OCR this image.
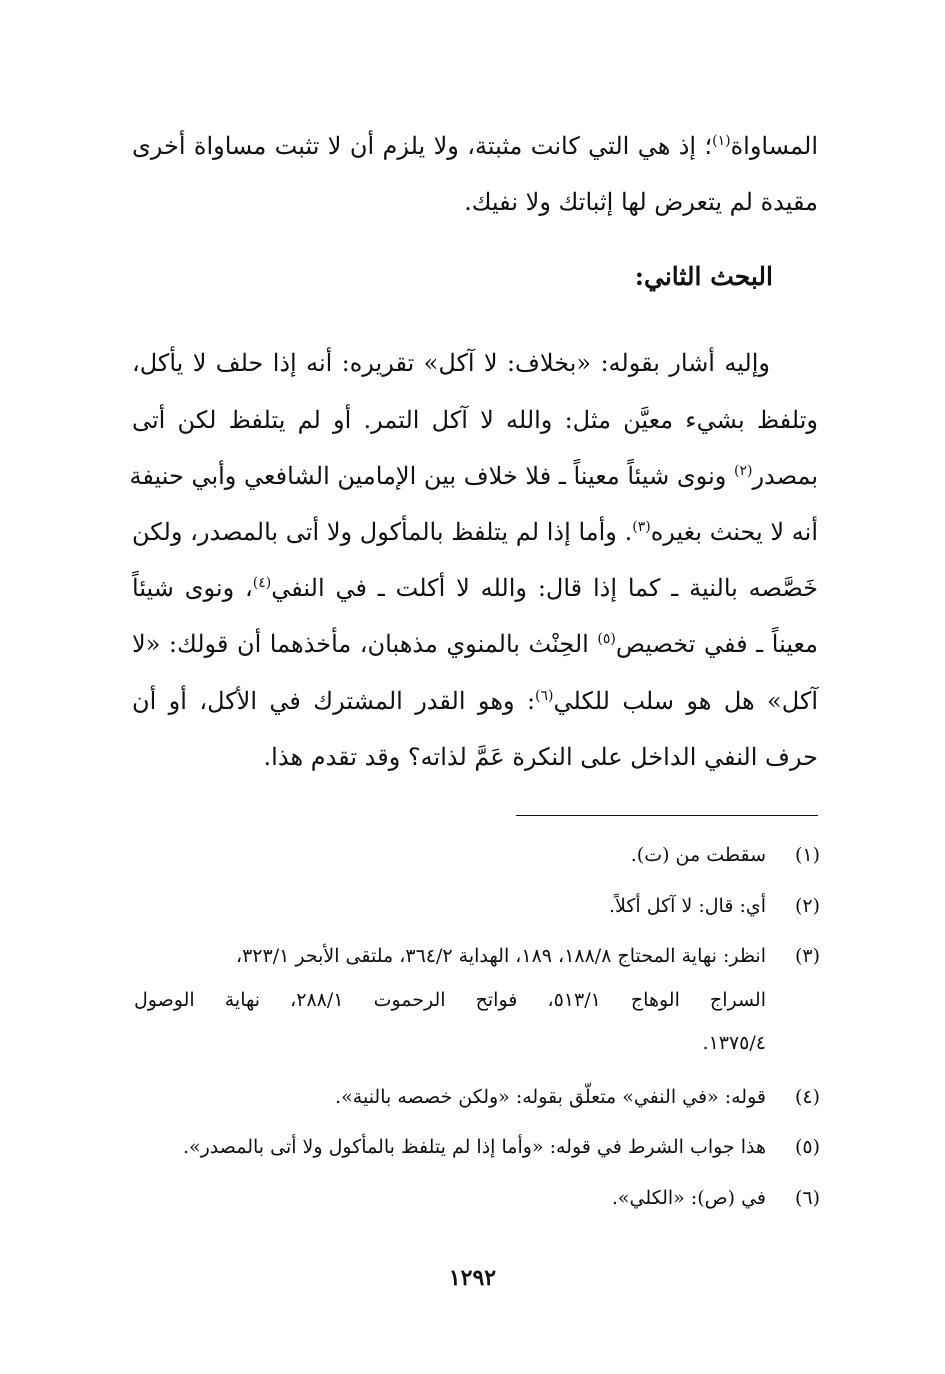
المساواة$^{(١)}$؛ إذ هي التي كانت مثبتة، ولا يلزم أن لا تثبت مساواة أخرى
مقيدة لم يتعرض لها إثباتك ولا نفيك.
البحث الثاني:
وإليه أشار بقوله: «بخلاف: لا آكل» تقريره: أنه إذا حلف لا يأكل،
وتلفظ بشيء معيَّن مثل: والله لا آكل التمر. أو لم يتلفظ لكن أتى
بمصدر$^{(٢)}$ ونوى شيئاً معيناً ـ فلا خلاف بين الإمامين الشافعي وأبي حنيفة
أنه لا يحنث بغيره$^{(٣)}$. وأما إذا لم يتلفظ بالمأكول ولا أتى بالمصدر، ولكن
خَصَّصه بالنية ـ كما إذا قال: والله لا أكلت ـ في النفي$^{(٤)}$، ونوى شيئاً
معيناً ـ ففي تخصيص$^{(٥)}$ الحِنْث بالمنوي مذهبان، مأخذهما أن قولك: «لا
آكل» هل هو سلب للكلي$^{(٦)}$: وهو القدر المشترك في الأكل، أو أن
حرف النفي الداخل على النكرة عَمَّ لذاته؟ وقد تقدم هذا.
(١)سقطت من (ت).
(٢)أي: قال: لا آكل أكلاً.
(٣)انظر: نهاية المحتاج ١٨٨/٨، ١٨٩، الهداية ٣٦٤/٢، ملتقى الأبحر ٣٢٣/١،
السراج الوهاج ٥١٣/١، فواتح الرحموت ٢٨٨/١، نهاية الوصول
١٣٧٥/٤.
(٤)قوله: «في النفي» متعلّق بقوله: «ولكن خصصه بالنية».
(٥)هذا جواب الشرط في قوله: «وأما إذا لم يتلفظ بالمأكول ولا أتى بالمصدر».
(٦)في (ص): «الكلي».
١٢٩٢
